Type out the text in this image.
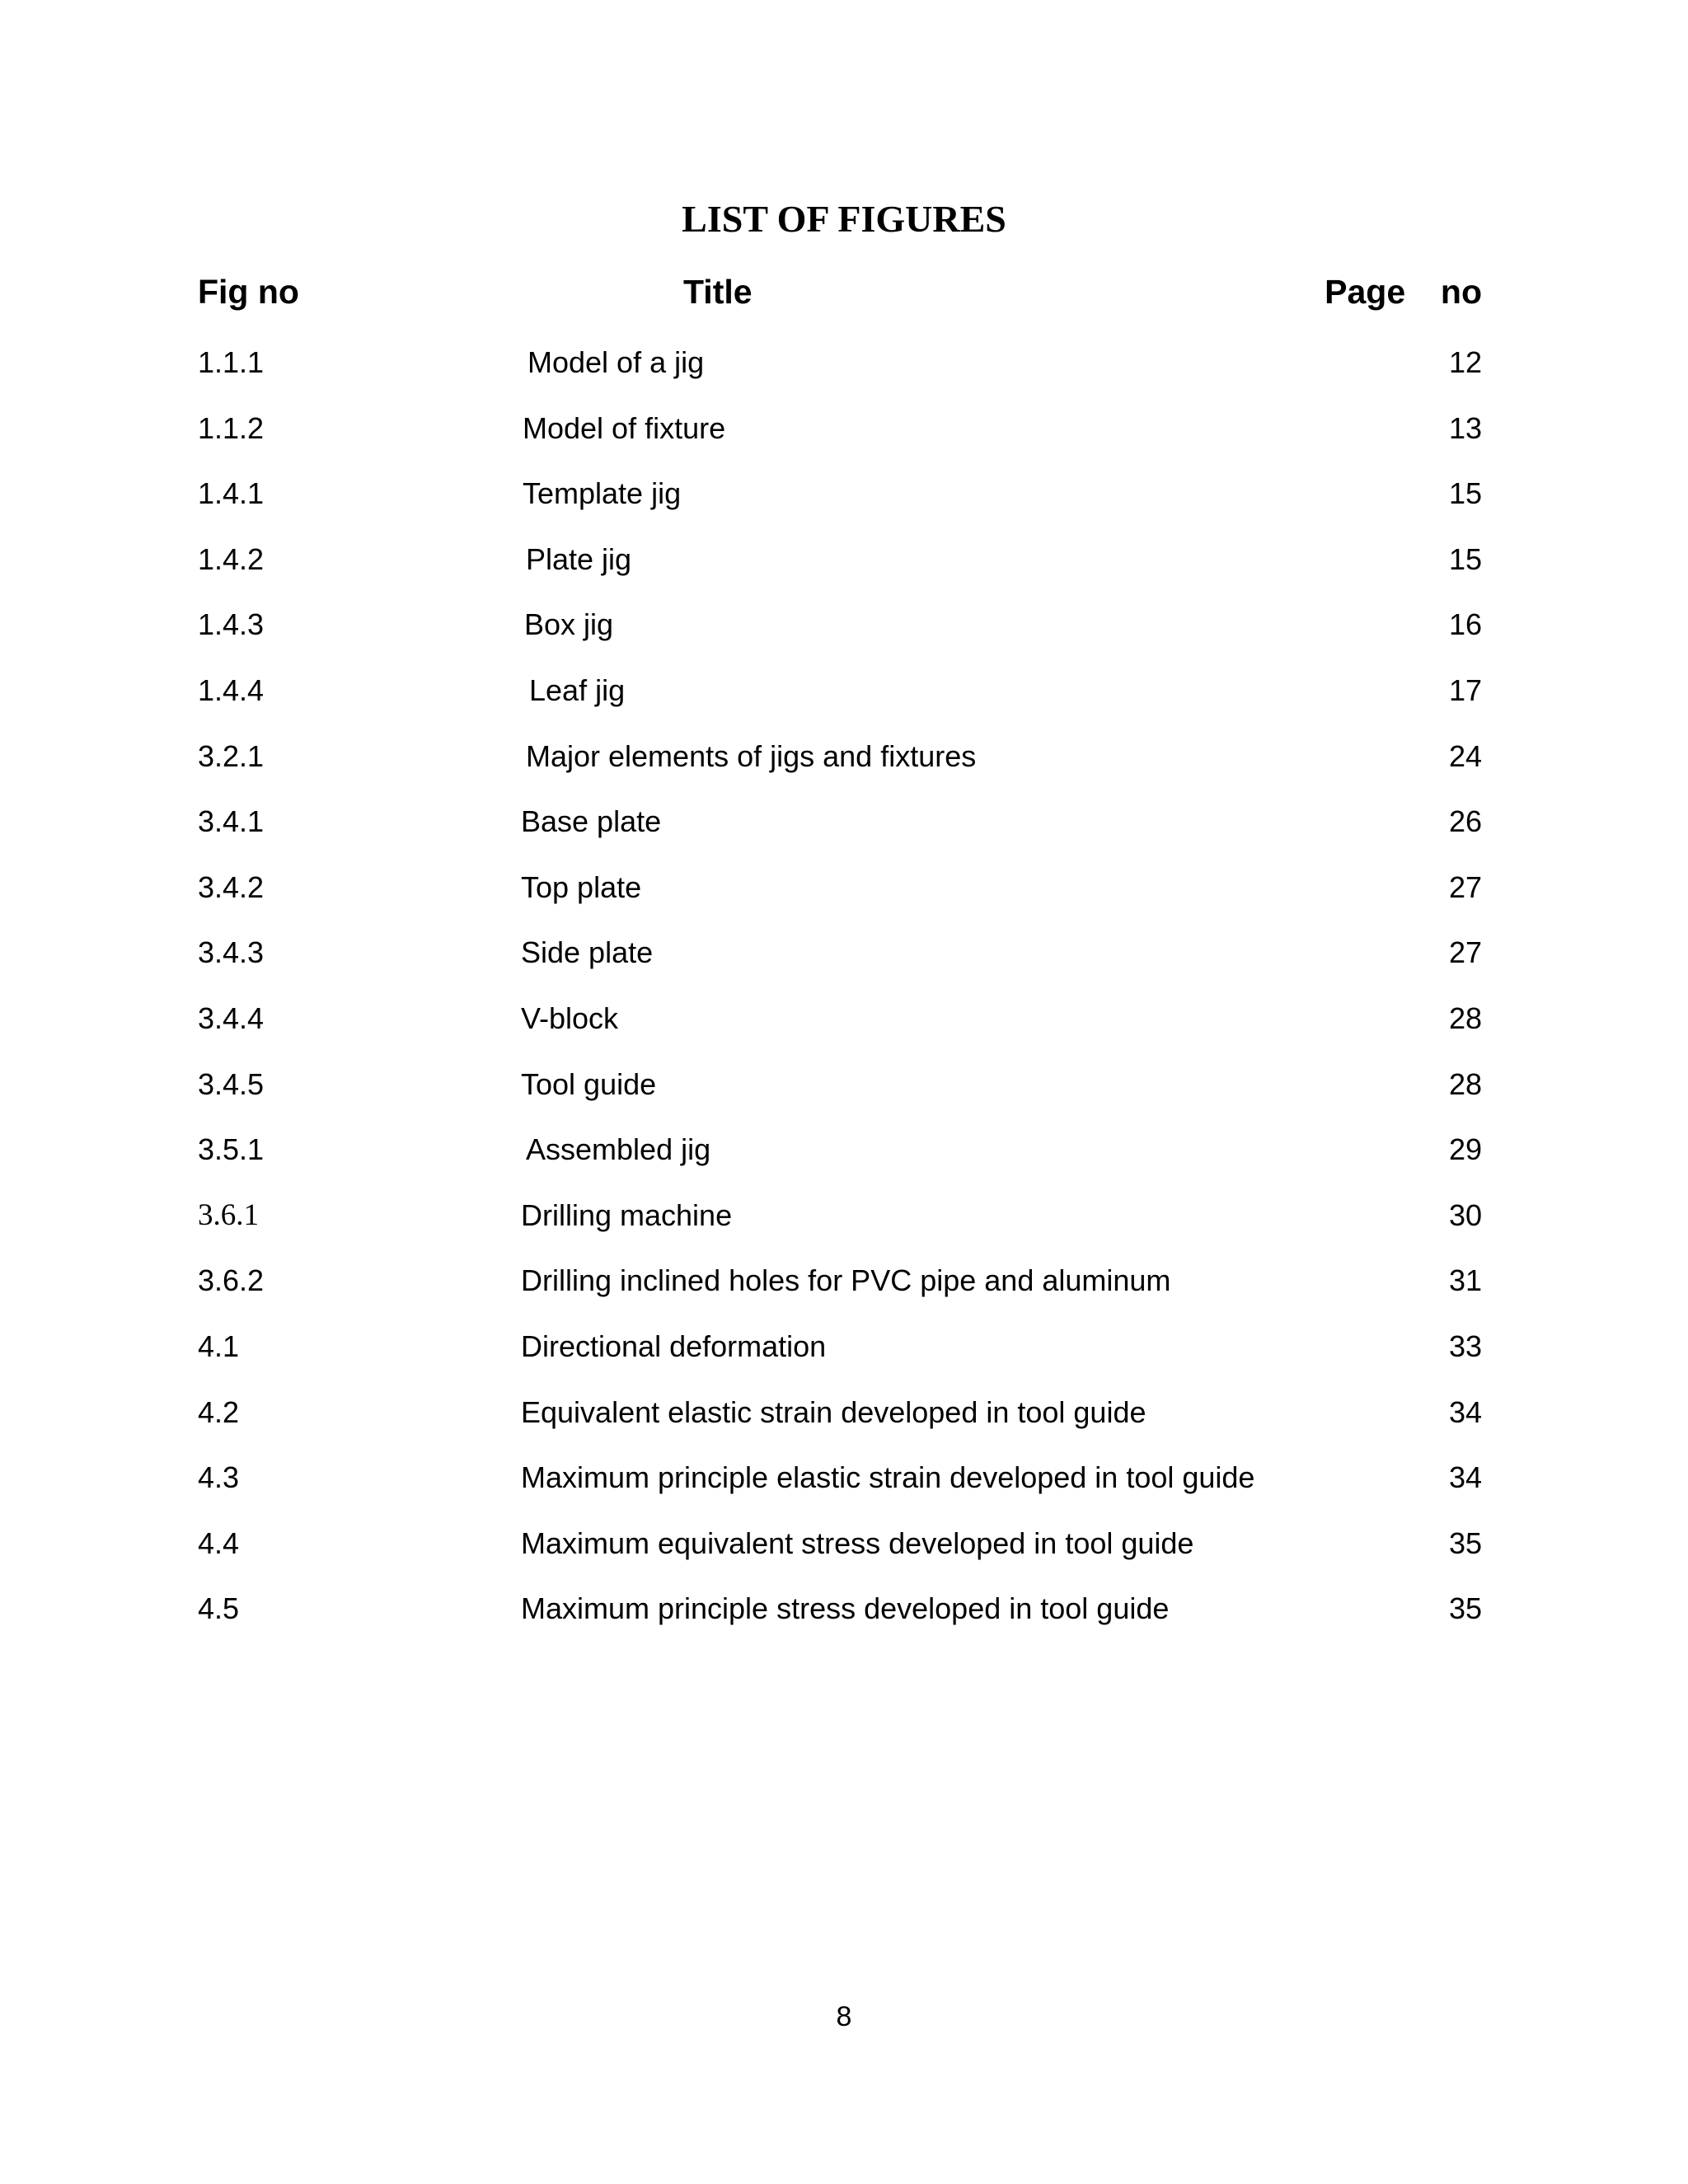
LIST OF FIGURES
Fig no	Title	Page  no
1.1.1	Model of a jig	12
1.1.2	Model of fixture	13
1.4.1	Template jig	15
1.4.2	Plate jig	15
1.4.3	Box jig	16
1.4.4	Leaf jig	17
3.2.1	Major elements of jigs and fixtures	24
3.4.1	Base plate	26
3.4.2	Top plate	27
3.4.3	Side plate	27
3.4.4	V-block	28
3.4.5	Tool guide	28
3.5.1	Assembled jig	29
3.6.1	Drilling machine	30
3.6.2	Drilling inclined holes for PVC pipe and aluminum	31
4.1	Directional deformation	33
4.2	Equivalent elastic strain developed in tool guide	34
4.3	Maximum principle elastic strain developed in tool guide	34
4.4	Maximum equivalent stress developed in tool guide	35
4.5	Maximum principle stress developed in tool guide	35
8
